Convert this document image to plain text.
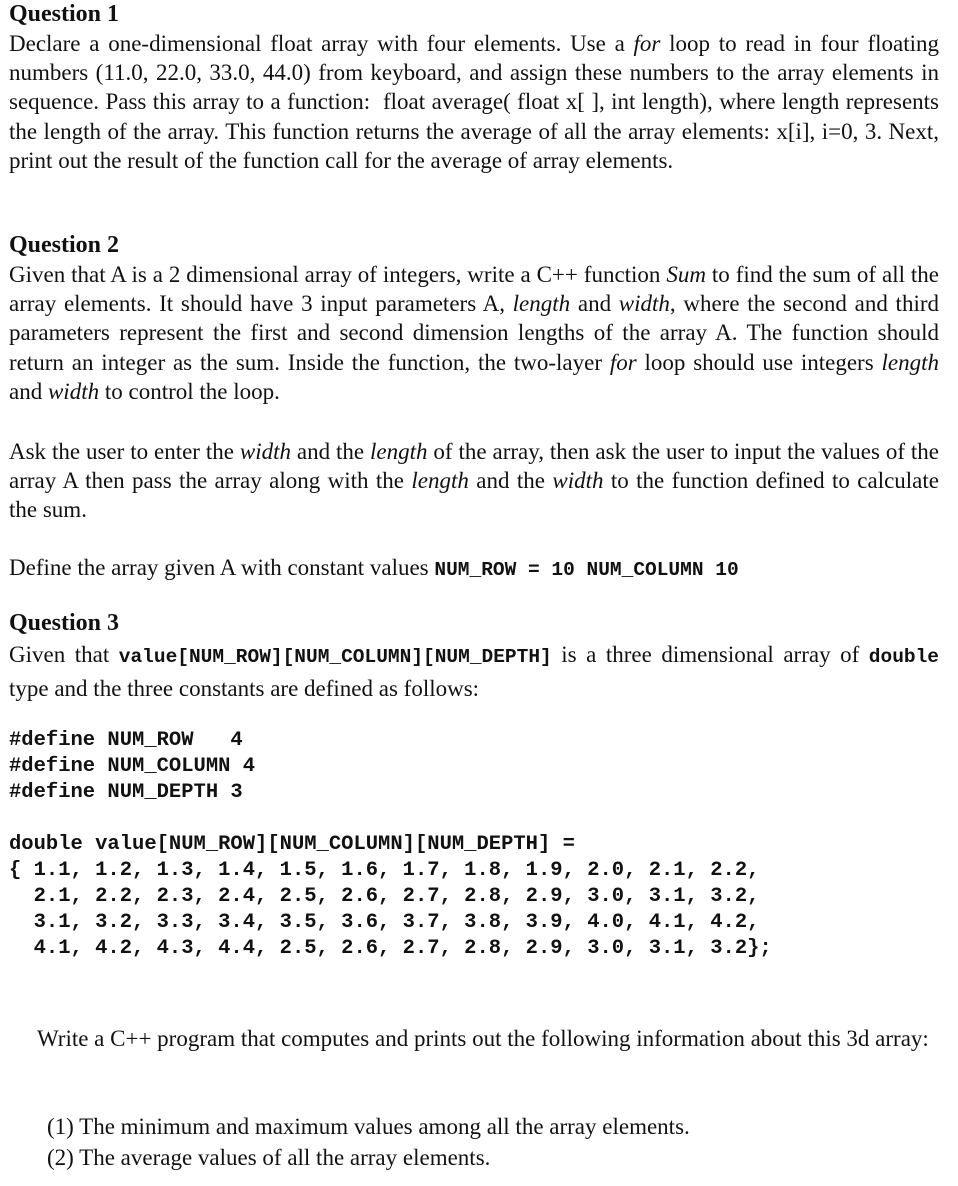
Question 1

Declare a one-dimensional float array with four elements. Use a for loop to read in four floating numbers (11.0, 22.0, 33.0, 44.0) from keyboard, and assign these numbers to the array elements in sequence. Pass this array to a function:  float average( float x[ ], int length), where length represents the length of the array. This function returns the average of all the array elements: x[i], i=0, 3. Next, print out the result of the function call for the average of array elements.

Question 2

Given that A is a 2 dimensional array of integers, write a C++ function Sum to find the sum of all the array elements. It should have 3 input parameters A, length and width, where the second and third parameters represent the first and second dimension lengths of the array A. The function should return an integer as the sum. Inside the function, the two-layer for loop should use integers length and width to control the loop.

Ask the user to enter the width and the length of the array, then ask the user to input the values of the array A then pass the array along with the length and the width to the function defined to calculate the sum.

Define the array given A with constant values NUM_ROW = 10 NUM_COLUMN 10

Question 3

Given that value[NUM_ROW][NUM_COLUMN][NUM_DEPTH] is a three dimensional array of double type and the three constants are defined as follows:

#define NUM_ROW   4
#define NUM_COLUMN 4
#define NUM_DEPTH 3
double value[NUM_ROW][NUM_COLUMN][NUM_DEPTH] =
{ 1.1, 1.2, 1.3, 1.4, 1.5, 1.6, 1.7, 1.8, 1.9, 2.0, 2.1, 2.2,
2.1, 2.2, 2.3, 2.4, 2.5, 2.6, 2.7, 2.8, 2.9, 3.0, 3.1, 3.2,
3.1, 3.2, 3.3, 3.4, 3.5, 3.6, 3.7, 3.8, 3.9, 4.0, 4.1, 4.2,
4.1, 4.2, 4.3, 4.4, 2.5, 2.6, 2.7, 2.8, 2.9, 3.0, 3.1, 3.2};

Write a C++ program that computes and prints out the following information about this 3d array:

(1) The minimum and maximum values among all the array elements.
(2) The average values of all the array elements.
